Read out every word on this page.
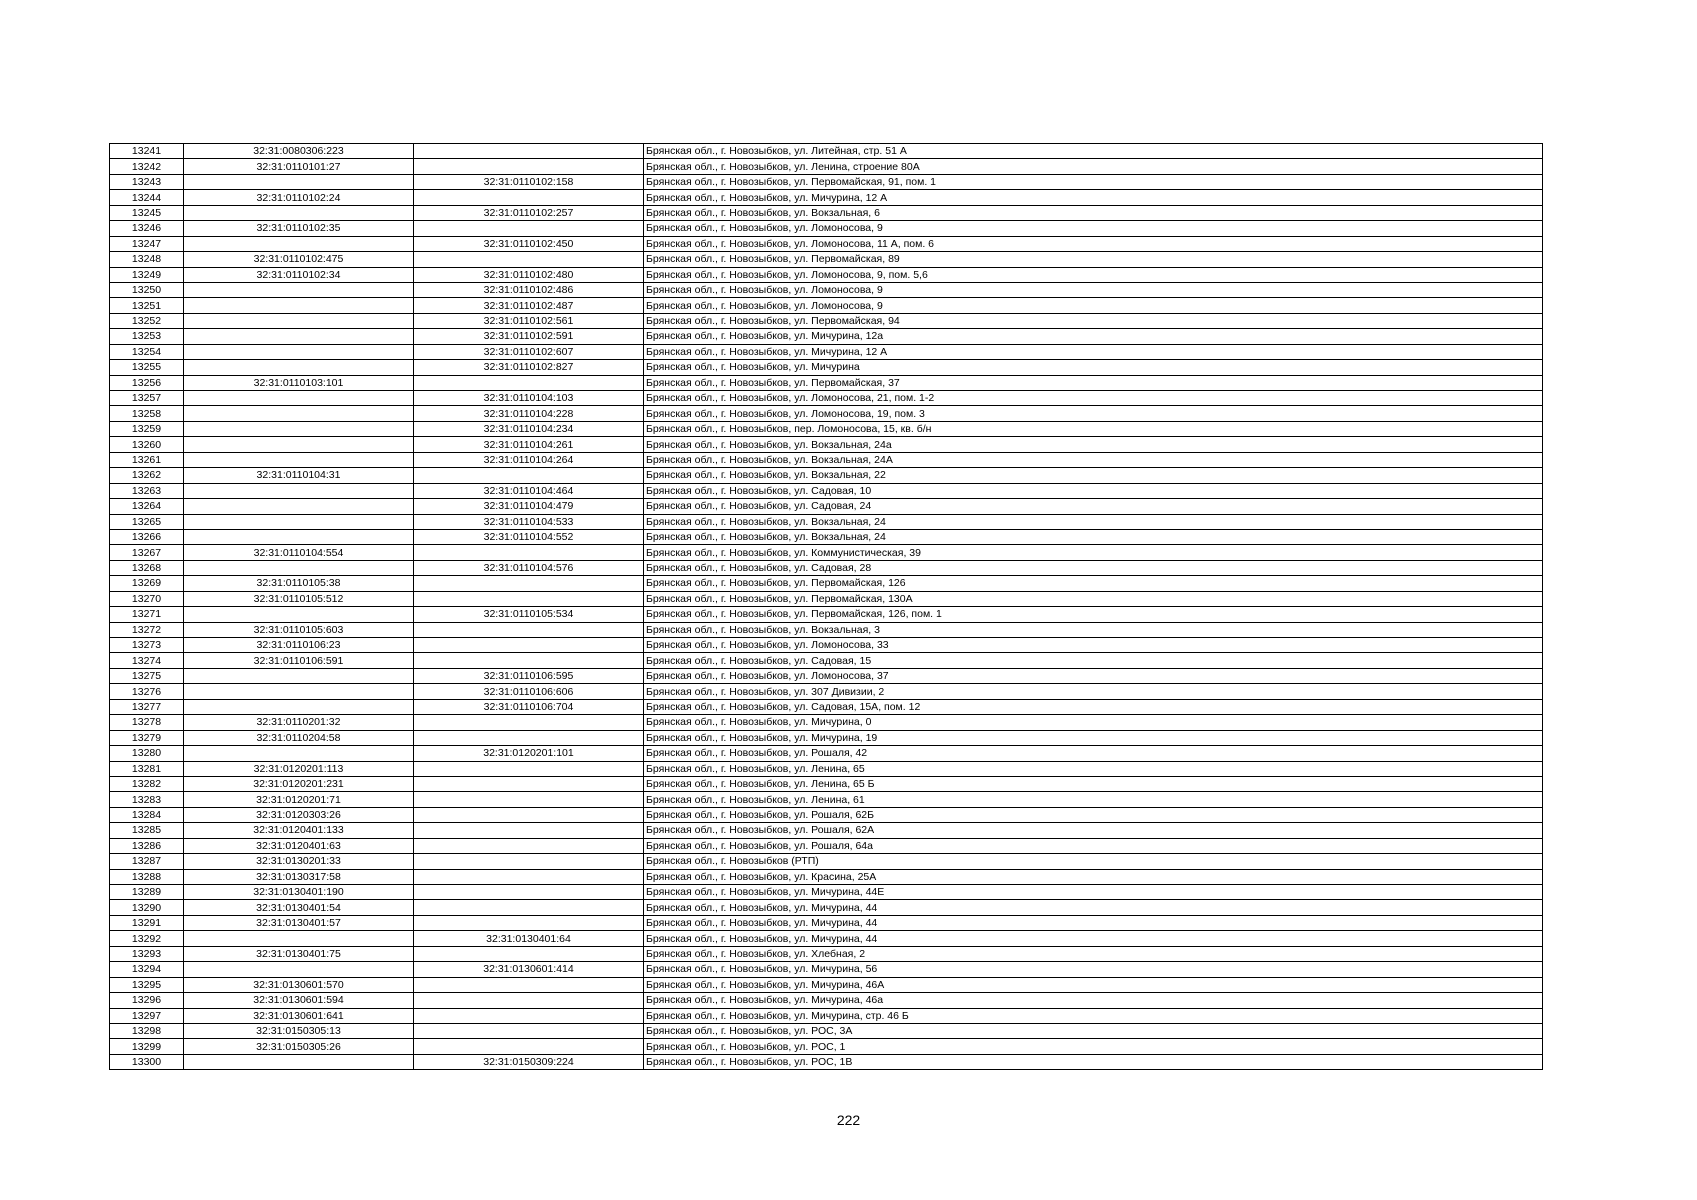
13241	32:31:0080306:223		Брянская обл., г. Новозыбков, ул. Литейная, стр. 51 А
13242	32:31:0110101:27		Брянская обл., г. Новозыбков, ул. Ленина, строение 80А
13243		32:31:0110102:158	Брянская обл., г. Новозыбков, ул. Первомайская, 91, пом. 1
13244	32:31:0110102:24		Брянская обл., г. Новозыбков, ул. Мичурина, 12 А
13245		32:31:0110102:257	Брянская обл., г. Новозыбков, ул. Вокзальная, 6
13246	32:31:0110102:35		Брянская обл., г. Новозыбков, ул. Ломоносова, 9
13247		32:31:0110102:450	Брянская обл., г. Новозыбков, ул. Ломоносова, 11 А, пом. 6
13248	32:31:0110102:475		Брянская обл., г. Новозыбков, ул. Первомайская, 89
13249	32:31:0110102:34	32:31:0110102:480	Брянская обл., г. Новозыбков, ул. Ломоносова, 9, пом. 5,6
13250		32:31:0110102:486	Брянская обл., г. Новозыбков, ул. Ломоносова, 9
13251		32:31:0110102:487	Брянская обл., г. Новозыбков, ул. Ломоносова, 9
13252		32:31:0110102:561	Брянская обл., г. Новозыбков, ул. Первомайская, 94
13253		32:31:0110102:591	Брянская обл., г. Новозыбков, ул. Мичурина, 12а
13254		32:31:0110102:607	Брянская обл., г. Новозыбков, ул. Мичурина, 12 А
13255		32:31:0110102:827	Брянская обл., г. Новозыбков, ул. Мичурина
13256	32:31:0110103:101		Брянская обл., г. Новозыбков, ул. Первомайская, 37
13257		32:31:0110104:103	Брянская обл., г. Новозыбков, ул. Ломоносова, 21, пом. 1-2
13258		32:31:0110104:228	Брянская обл., г. Новозыбков, ул. Ломоносова, 19, пом. 3
13259		32:31:0110104:234	Брянская обл., г. Новозыбков, пер. Ломоносова, 15, кв. б/н
13260		32:31:0110104:261	Брянская обл., г. Новозыбков, ул. Вокзальная, 24а
13261		32:31:0110104:264	Брянская обл., г. Новозыбков, ул. Вокзальная, 24А
13262	32:31:0110104:31		Брянская обл., г. Новозыбков, ул. Вокзальная, 22
13263		32:31:0110104:464	Брянская обл., г. Новозыбков, ул. Садовая, 10
13264		32:31:0110104:479	Брянская обл., г. Новозыбков, ул. Садовая, 24
13265		32:31:0110104:533	Брянская обл., г. Новозыбков, ул. Вокзальная, 24
13266		32:31:0110104:552	Брянская обл., г. Новозыбков, ул. Вокзальная, 24
13267	32:31:0110104:554		Брянская обл., г. Новозыбков, ул. Коммунистическая, 39
13268		32:31:0110104:576	Брянская обл., г. Новозыбков, ул. Садовая, 28
13269	32:31:0110105:38		Брянская обл., г. Новозыбков, ул. Первомайская, 126
13270	32:31:0110105:512		Брянская обл., г. Новозыбков, ул. Первомайская, 130А
13271		32:31:0110105:534	Брянская обл., г. Новозыбков, ул. Первомайская, 126, пом. 1
13272	32:31:0110105:603		Брянская обл., г. Новозыбков, ул. Вокзальная, 3
13273	32:31:0110106:23		Брянская обл., г. Новозыбков, ул. Ломоносова, 33
13274	32:31:0110106:591		Брянская обл., г. Новозыбков, ул. Садовая, 15
13275		32:31:0110106:595	Брянская обл., г. Новозыбков, ул. Ломоносова, 37
13276		32:31:0110106:606	Брянская обл., г. Новозыбков, ул. 307 Дивизии, 2
13277		32:31:0110106:704	Брянская обл., г. Новозыбков, ул. Садовая, 15А, пом. 12
13278	32:31:0110201:32		Брянская обл., г. Новозыбков, ул. Мичурина, 0
13279	32:31:0110204:58		Брянская обл., г. Новозыбков, ул. Мичурина, 19
13280		32:31:0120201:101	Брянская обл., г. Новозыбков, ул. Рошаля, 42
13281	32:31:0120201:113		Брянская обл., г. Новозыбков, ул. Ленина, 65
13282	32:31:0120201:231		Брянская обл., г. Новозыбков, ул. Ленина, 65 Б
13283	32:31:0120201:71		Брянская обл., г. Новозыбков, ул. Ленина, 61
13284	32:31:0120303:26		Брянская обл., г. Новозыбков, ул. Рошаля, 62Б
13285	32:31:0120401:133		Брянская обл., г. Новозыбков, ул. Рошаля, 62А
13286	32:31:0120401:63		Брянская обл., г. Новозыбков, ул. Рошаля, 64а
13287	32:31:0130201:33		Брянская обл., г. Новозыбков (РТП)
13288	32:31:0130317:58		Брянская обл., г. Новозыбков, ул. Красина, 25А
13289	32:31:0130401:190		Брянская обл., г. Новозыбков, ул. Мичурина, 44Е
13290	32:31:0130401:54		Брянская обл., г. Новозыбков, ул. Мичурина, 44
13291	32:31:0130401:57		Брянская обл., г. Новозыбков, ул. Мичурина, 44
13292		32:31:0130401:64	Брянская обл., г. Новозыбков, ул. Мичурина, 44
13293	32:31:0130401:75		Брянская обл., г. Новозыбков, ул. Хлебная, 2
13294		32:31:0130601:414	Брянская обл., г. Новозыбков, ул. Мичурина, 56
13295	32:31:0130601:570		Брянская обл., г. Новозыбков, ул. Мичурина, 46А
13296	32:31:0130601:594		Брянская обл., г. Новозыбков, ул. Мичурина, 46а
13297	32:31:0130601:641		Брянская обл., г. Новозыбков, ул. Мичурина, стр. 46 Б
13298	32:31:0150305:13		Брянская обл., г. Новозыбков, ул. РОС, 3А
13299	32:31:0150305:26		Брянская обл., г. Новозыбков, ул. РОС, 1
13300		32:31:0150309:224	Брянская обл., г. Новозыбков, ул. РОС, 1В
222
